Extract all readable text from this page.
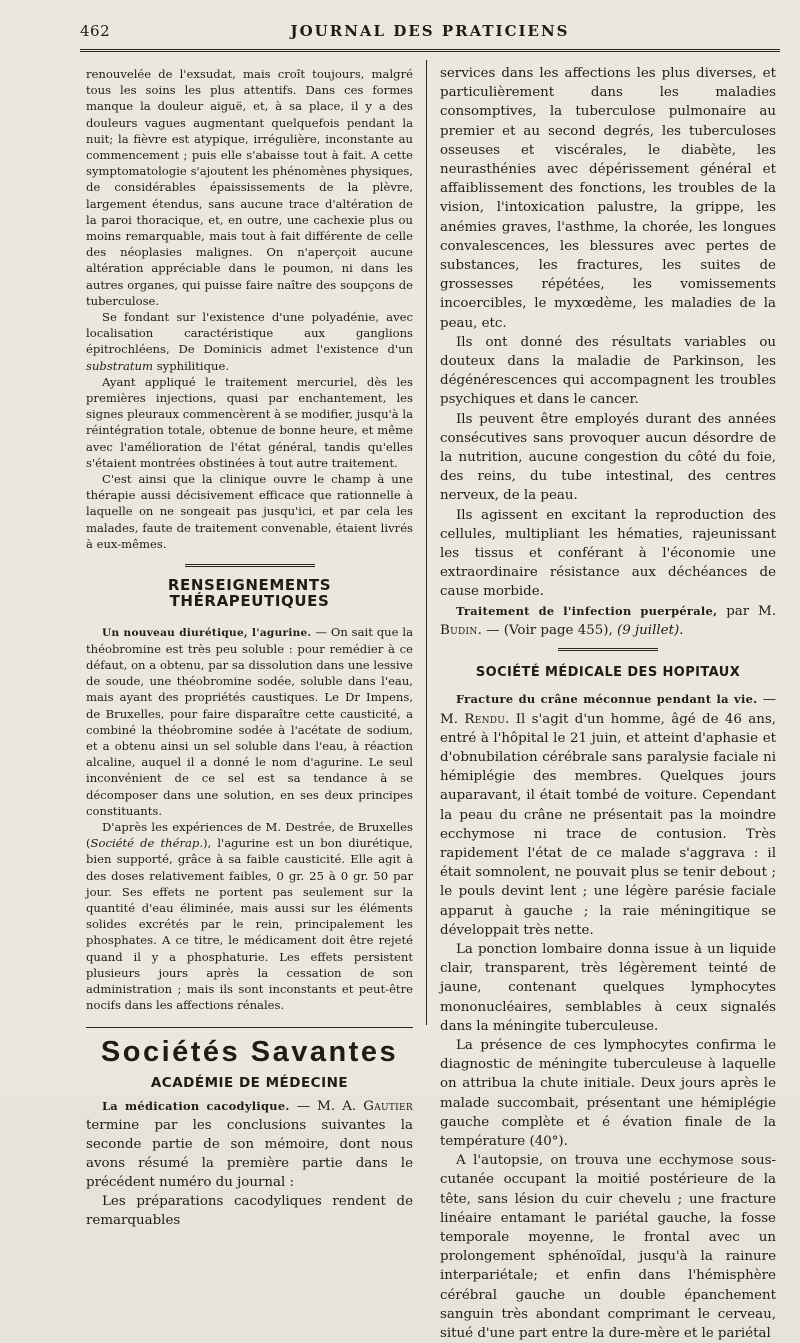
462	JOURNAL DES PRATICIENS

renouvelée de l'exsudat, mais croît toujours, malgré tous les soins les plus attentifs. Dans ces formes manque la douleur aiguë, et, à sa place, il y a des douleurs vagues augmentant quelquefois pendant la nuit; la fièvre est atypique, irrégulière, inconstante au commencement ; puis elle s'abaisse tout à fait. A cette symptomatologie s'ajoutent les phénomènes physiques, de considérables épaississements de la plèvre, largement étendus, sans aucune trace d'altération de la paroi thoracique, et, en outre, une cachexie plus ou moins remarquable, mais tout à fait différente de celle des néoplasies malignes. On n'aperçoit aucune altération appréciable dans le poumon, ni dans les autres organes, qui puisse faire naître des soupçons de tuberculose.

Se fondant sur l'existence d'une polyadénie, avec localisation caractéristique aux ganglions épitrochléens, De Dominicis admet l'existence d'un substratum syphilitique.

Ayant appliqué le traitement mercuriel, dès les premières injections, quasi par enchantement, les signes pleuraux commencèrent à se modifier, jusqu'à la réintégration totale, obtenue de bonne heure, et même avec l'amélioration de l'état général, tandis qu'elles s'étaient montrées obstinées à tout autre traitement.

C'est ainsi que la clinique ouvre le champ à une thérapie aussi décisivement efficace que rationnelle à laquelle on ne songeait pas jusqu'ici, et par cela les malades, faute de traitement convenable, étaient livrés à eux-mêmes.

RENSEIGNEMENTS THÉRAPEUTIQUES

Un nouveau diurétique, l'agurine. — On sait que la théobromine est très peu soluble : pour remédier à ce défaut, on a obtenu, par sa dissolution dans une lessive de soude, une théobromine sodée, soluble dans l'eau, mais ayant des propriétés caustiques. Le Dr Impens, de Bruxelles, pour faire disparaître cette causticité, a combiné la théobromine sodée à l'acétate de sodium, et a obtenu ainsi un sel soluble dans l'eau, à réaction alcaline, auquel il a donné le nom d'agurine. Le seul inconvénient de ce sel est sa tendance à se décomposer dans une solution, en ses deux principes constituants.

D'après les expériences de M. Destrée, de Bruxelles (Société de thérap.), l'agurine est un bon diurétique, bien supporté, grâce à sa faible causticité. Elle agit à des doses relativement faibles, 0 gr. 25 à 0 gr. 50 par jour. Ses effets ne portent pas seulement sur la quantité d'eau éliminée, mais aussi sur les éléments solides excrétés par le rein, principalement les phosphates. A ce titre, le médicament doit être rejeté quand il y a phosphaturie. Les effets persistent plusieurs jours après la cessation de son administration ; mais ils sont inconstants et peut-être nocifs dans les affections rénales.

Sociétés Savantes
ACADÉMIE DE MÉDECINE

La médication cacodylique. — M. A. Gautier termine par les conclusions suivantes la seconde partie de son mémoire, dont nous avons résumé la première partie dans le précédent numéro du journal :

Les préparations cacodyliques rendent de remarquables

services dans les affections les plus diverses, et particulièrement dans les maladies consomptives, la tuberculose pulmonaire au premier et au second degrés, les tuberculoses osseuses et viscérales, le diabète, les neurasthénies avec dépérissement général et affaiblissement des fonctions, les troubles de la vision, l'intoxication palustre, la grippe, les anémies graves, l'asthme, la chorée, les longues convalescences, les blessures avec pertes de substances, les fractures, les suites de grossesses répétées, les vomissements incoercibles, le myxœdème, les maladies de la peau, etc.

Ils ont donné des résultats variables ou douteux dans la maladie de Parkinson, les dégénérescences qui accompagnent les troubles psychiques et dans le cancer.

Ils peuvent être employés durant des années consécutives sans provoquer aucun désordre de la nutrition, aucune congestion du côté du foie, des reins, du tube intestinal, des centres nerveux, de la peau.

Ils agissent en excitant la reproduction des cellules, multipliant les hématies, rajeunissant les tissus et conférant à l'économie une extraordinaire résistance aux déchéances de cause morbide.

Traitement de l'infection puerpérale, par M. Budin. — (Voir page 455), (9 juillet).

SOCIÉTÉ MÉDICALE DES HOPITAUX

Fracture du crâne méconnue pendant la vie. — M. Rendu. Il s'agit d'un homme, âgé de 46 ans, entré à l'hôpital le 21 juin, et atteint d'aphasie et d'obnubilation cérébrale sans paralysie faciale ni hémiplégie des membres. Quelques jours auparavant, il était tombé de voiture. Cependant la peau du crâne ne présentait pas la moindre ecchymose ni trace de contusion. Très rapidement l'état de ce malade s'aggrava : il était somnolent, ne pouvait plus se tenir debout ; le pouls devint lent ; une légère parésie faciale apparut à gauche ; la raie méningitique se développait très nette.

La ponction lombaire donna issue à un liquide clair, transparent, très légèrement teinté de jaune, contenant quelques lymphocytes mononucléaires, semblables à ceux signalés dans la méningite tuberculeuse.

La présence de ces lymphocytes confirma le diagnostic de méningite tuberculeuse à laquelle on attribua la chute initiale. Deux jours après le malade succombait, présentant une hémiplégie gauche complète et é évation finale de la température (40°).

A l'autopsie, on trouva une ecchymose sous-cutanée occupant la moitié postérieure de la tête, sans lésion du cuir chevelu ; une fracture linéaire entamant le pariétal gauche, la fosse temporale moyenne, le frontal avec un prolongement sphénoïdal, jusqu'à la rainure interpariétale; et enfin dans l'hémisphère cérébral gauche un double épanchement sanguin très abondant comprimant le cerveau, situé d'une part entre la dure-mère et le pariétal
